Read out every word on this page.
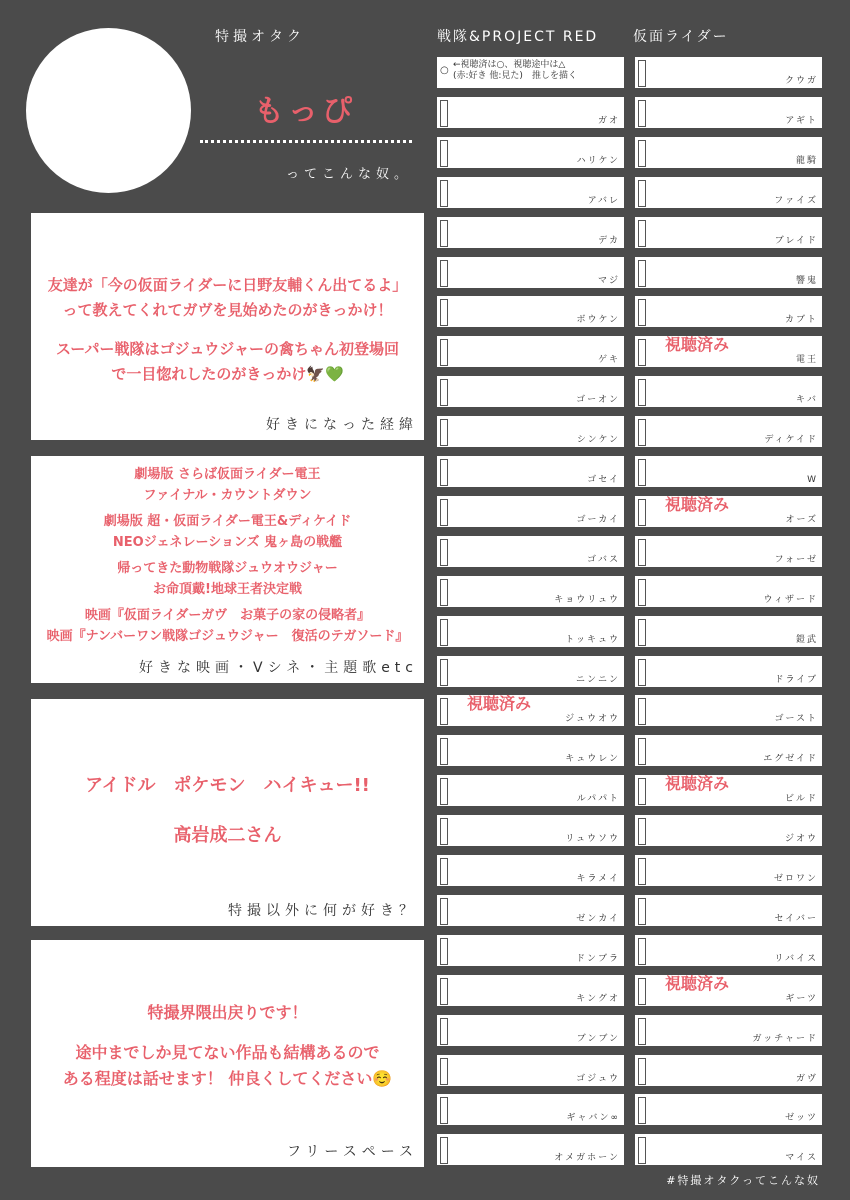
特撮オタク
もっぴ
ってこんな奴。

友達が「今の仮面ライダーに日野友輔くん出てるよ」

って教えてくれてガヴを見始めたのがきっかけ！

スーパー戦隊はゴジュウジャーの禽ちゃん初登場回

で一目惚れしたのがきっかけ🦅💚

好きになった経緯

劇場版 さらば仮面ライダー電王

ファイナル・カウントダウン

劇場版 超・仮面ライダー電王&ディケイド

NEOジェネレーションズ 鬼ヶ島の戦艦

帰ってきた動物戦隊ジュウオウジャー

お命頂戴!地球王者決定戦

映画『仮面ライダーガヴ　お菓子の家の侵略者』

映画『ナンバーワン戦隊ゴジュウジャー　復活のテガソード』

好きな映画・Vシネ・主題歌etc

アイドル　ポケモン　ハイキュー!!

高岩成二さん

特撮以外に何が好き？

特撮界隈出戻りです！

途中までしか見てない作品も結構あるので

ある程度は話せます！ 仲良くしてください☺️

フリースペース
戦隊&PROJECT RED 仮面ライダー
○ ←視聴済は○、視聴途中は△
(赤:好き 他:見た)　推しを描く
ガオ
ハリケン
アバレ
デカ
マジ
ボウケン
ゲキ
ゴーオン
シンケン
ゴセイ
ゴーカイ
ゴバス
キョウリュウ
トッキュウ
ニンニン
ジュウオウ
視聴済み
キュウレン
ルパパト
リュウソウ
キラメイ
ゼンカイ
ドンブラ
キングオ
ブンブン
ゴジュウ
ギャバン∞
オメガホーン
クウガ
アギト
龍騎
ファイズ
ブレイド
響鬼
カブト
電王
視聴済み
キバ
ディケイド
W
オーズ
視聴済み
フォーゼ
ウィザード
鎧武
ドライブ
ゴースト
エグゼイド
ビルド
視聴済み
ジオウ
ゼロワン
セイバー
リバイス
ギーツ
視聴済み
ガッチャード
ガヴ
ゼッツ
マイス
#特撮オタクってこんな奴
